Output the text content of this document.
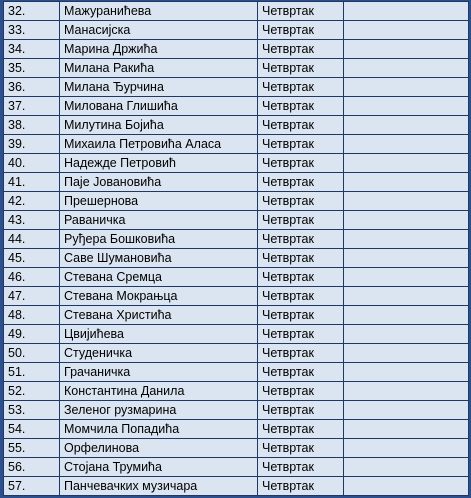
32.	Мажуранићева	Четвртак	
33.	Манасијска	Четвртак	
34.	Марина Држића	Четвртак	
35.	Милана Ракића	Четвртак	
36.	Милана Ђурчина	Четвртак	
37.	Милована Глишића	Четвртак	
38.	Милутина Бојића	Четвртак	
39.	Михаила Петровића Аласа	Четвртак	
40.	Надежде Петровић	Четвртак	
41.	Паје Јовановића	Четвртак	
42.	Прешернова	Четвртак	
43.	Раваничка	Четвртак	
44.	Руђера Бошковића	Четвртак	
45.	Саве Шумановића	Четвртак	
46.	Стевана Сремца	Четвртак	
47.	Стевана Мокрањца	Четвртак	
48.	Стевана Христића	Четвртак	
49.	Цвијићева	Четвртак	
50.	Студеничка	Четвртак	
51.	Грачаничка	Четвртак	
52.	Константина Данила	Четвртак	
53.	Зеленог рузмарина	Четвртак	
54.	Момчила Попадића	Четвртак	
55.	Орфелинова	Четвртак	
56.	Стојана Трумића	Четвртак	
57.	Панчевачких музичара	Четвртак	
